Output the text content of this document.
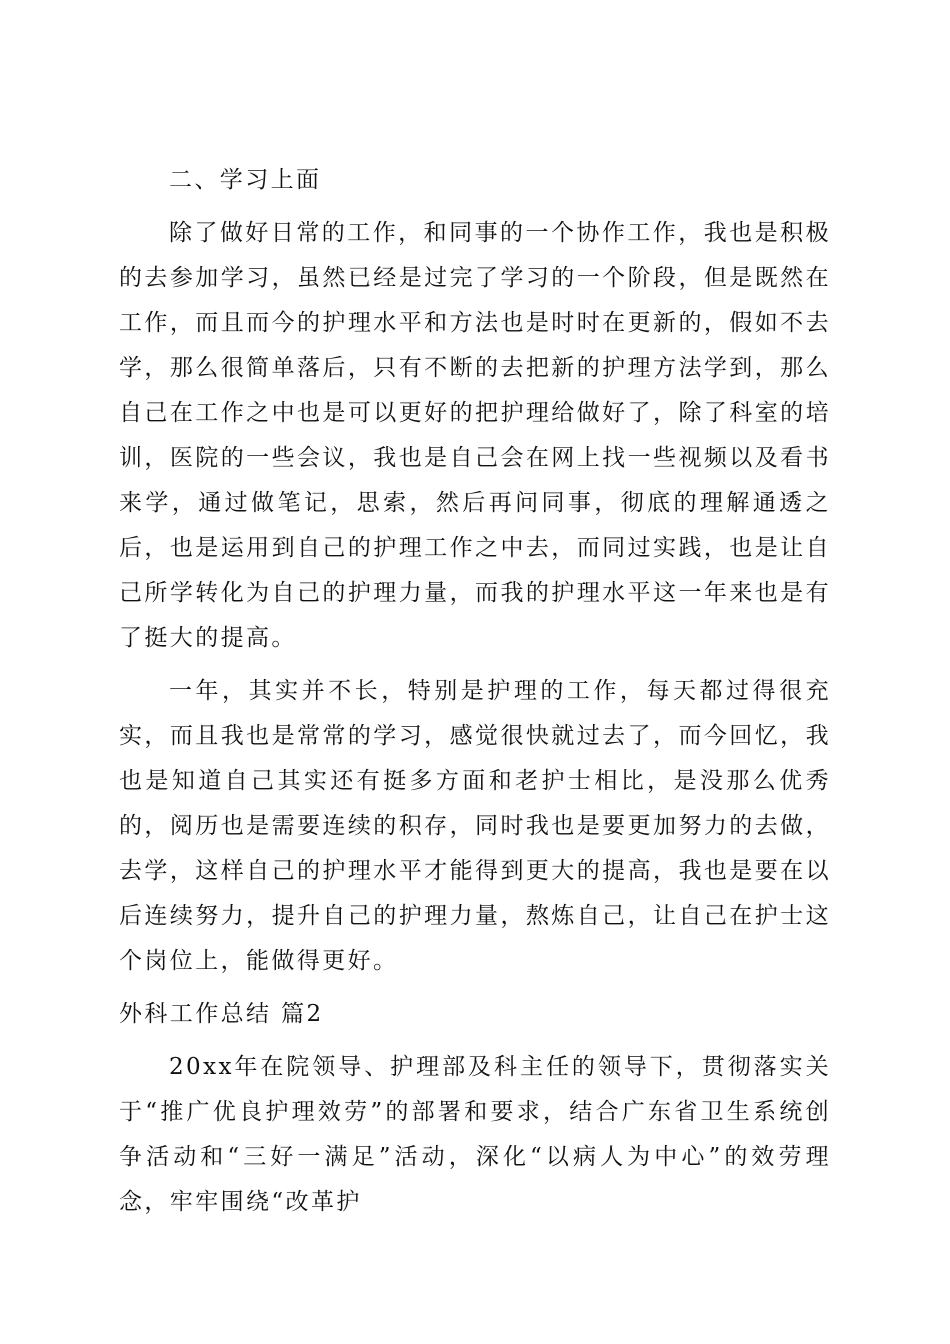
二、学习上面

除了做好日常的工作，和同事的一个协作工作，我也是积极的去参加学习，虽然已经是过完了学习的一个阶段，但是既然在工作，而且而今的护理水平和方法也是时时在更新的，假如不去学，那么很简单落后，只有不断的去把新的护理方法学到，那么自己在工作之中也是可以更好的把护理给做好了，除了科室的培训，医院的一些会议，我也是自己会在网上找一些视频以及看书来学，通过做笔记，思索，然后再问同事，彻底的理解通透之后，也是运用到自己的护理工作之中去，而同过实践，也是让自己所学转化为自己的护理力量，而我的护理水平这一年来也是有了挺大的提高。

一年，其实并不长，特别是护理的工作，每天都过得很充实，而且我也是常常的学习，感觉很快就过去了，而今回忆，我也是知道自己其实还有挺多方面和老护士相比，是没那么优秀的，阅历也是需要连续的积存，同时我也是要更加努力的去做，去学，这样自己的护理水平才能得到更大的提高，我也是要在以后连续努力，提升自己的护理力量，熬炼自己，让自己在护士这个岗位上，能做得更好。

外科工作总结 篇2

20xx年在院领导、护理部及科主任的领导下，贯彻落实关于“推广优良护理效劳”的部署和要求，结合广东省卫生系统创争活动和“三好一满足”活动，深化“以病人为中心”的效劳理念，牢牢围绕“改革护
